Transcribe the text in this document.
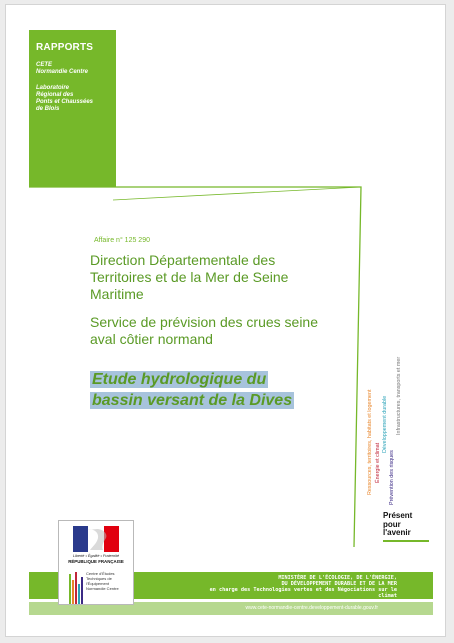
RAPPORTS
CETE
Normandie Centre
Laboratoire
Régional des
Ponts et Chaussées
de Blois
Affaire n° 125 290
Direction Départementale des
Territoires et de la Mer de Seine
Maritime
Service de prévision des crues seine
aval côtier normand
Etude hydrologique du
bassin versant de la Dives	Ressources, territoires, habitats et logement Énergie et climat
Développement durable
Prévention des risques
Infrastructures, transports et mer
Présent
pour
l'avenir
MINISTÈRE DE L'ÉCOLOGIE, DE L'ÉNERGIE,
DU DÉVELOPPEMENT DURABLE ET DE LA MER
en charge des Technologies vertes et des Négociations sur le
climat
www.cete-normandie-centre.developpement-durable.gouv.fr
Liberté • Égalité • Fraternité
RÉPUBLIQUE FRANÇAISE
Centre d'Études
Techniques de
l'Équipement
Normandie Centre
